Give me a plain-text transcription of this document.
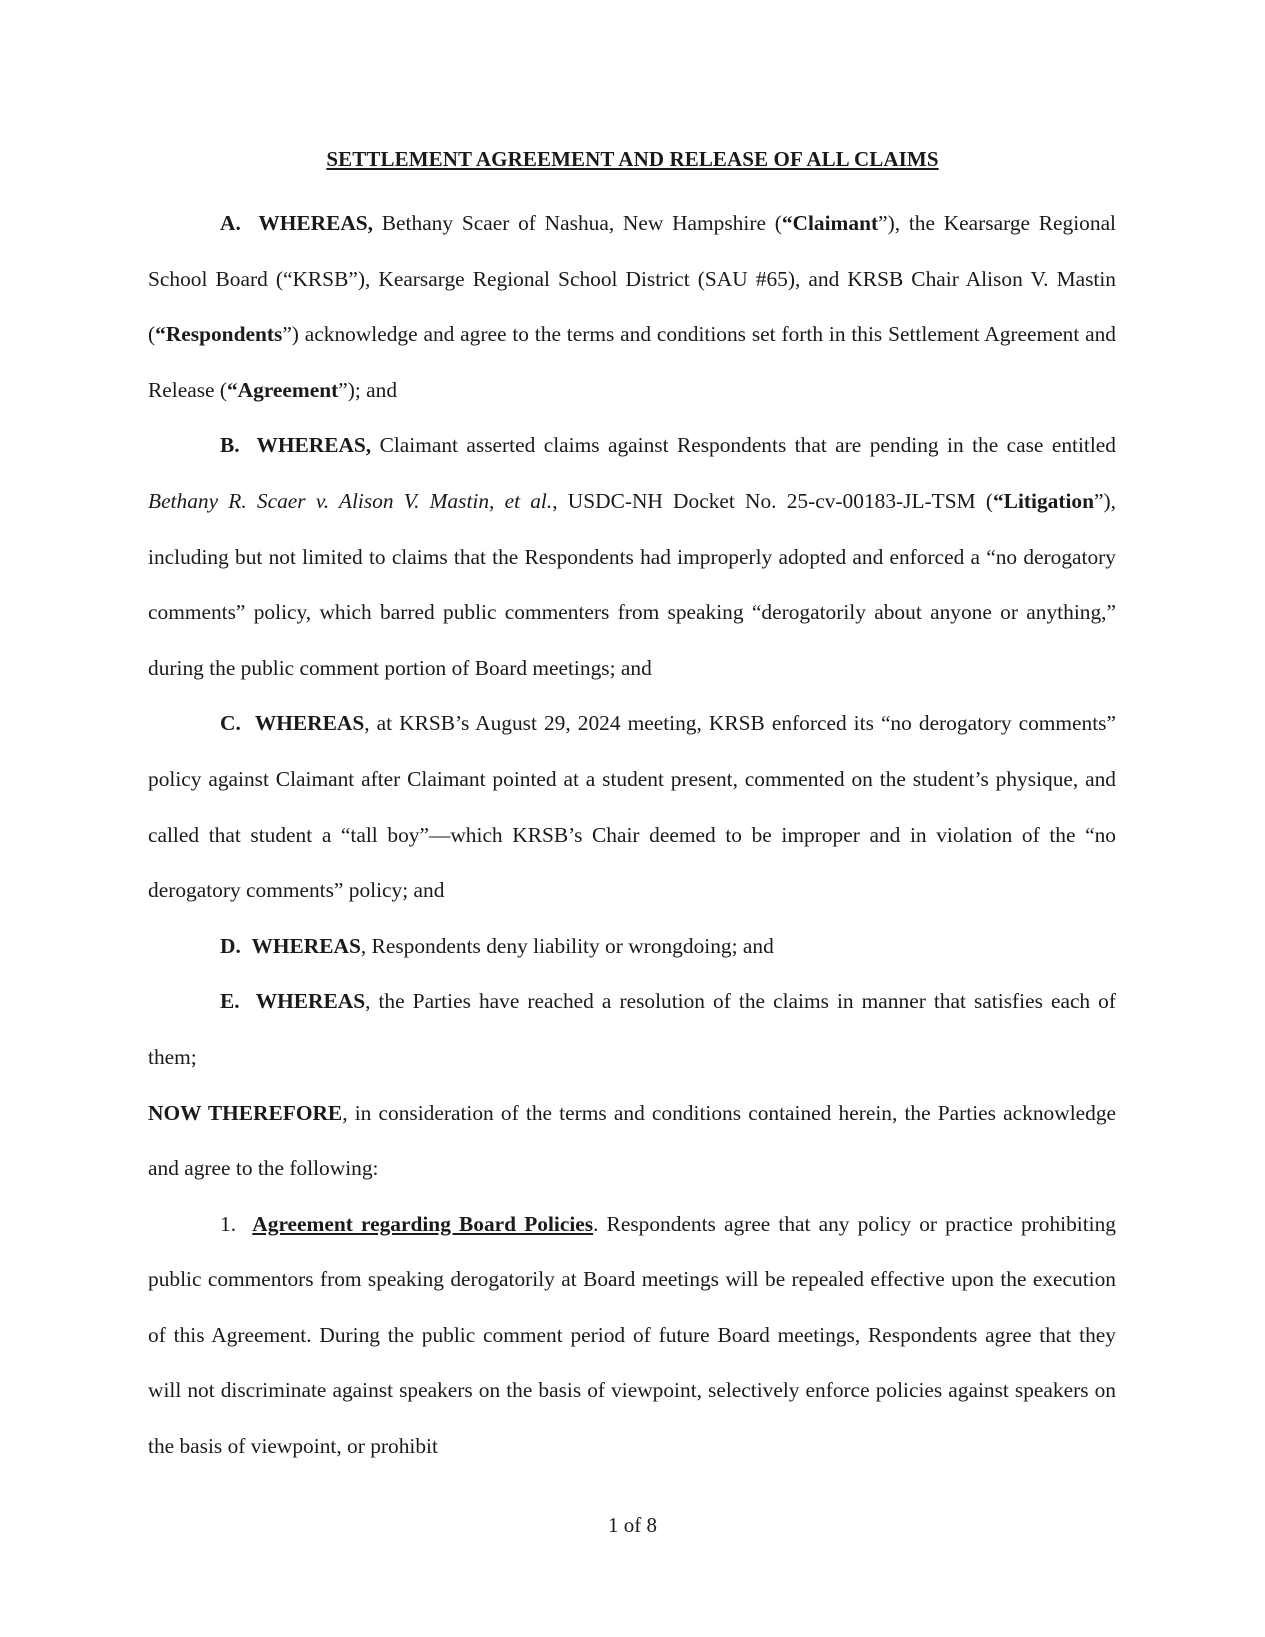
SETTLEMENT AGREEMENT AND RELEASE OF ALL CLAIMS

A. WHEREAS, Bethany Scaer of Nashua, New Hampshire (“Claimant”), the Kearsarge Regional School Board (“KRSB”), Kearsarge Regional School District (SAU #65), and KRSB Chair Alison V. Mastin (“Respondents”) acknowledge and agree to the terms and conditions set forth in this Settlement Agreement and Release (“Agreement”); and

B. WHEREAS, Claimant asserted claims against Respondents that are pending in the case entitled Bethany R. Scaer v. Alison V. Mastin, et al., USDC-NH Docket No. 25-cv-00183-JL-TSM (“Litigation”), including but not limited to claims that the Respondents had improperly adopted and enforced a “no derogatory comments” policy, which barred public commenters from speaking “derogatorily about anyone or anything,” during the public comment portion of Board meetings; and

C. WHEREAS, at KRSB’s August 29, 2024 meeting, KRSB enforced its “no derogatory comments” policy against Claimant after Claimant pointed at a student present, commented on the student’s physique, and called that student a “tall boy”—which KRSB’s Chair deemed to be improper and in violation of the “no derogatory comments” policy; and

D. WHEREAS, Respondents deny liability or wrongdoing; and

E. WHEREAS, the Parties have reached a resolution of the claims in manner that satisfies each of them;

NOW THEREFORE, in consideration of the terms and conditions contained herein, the Parties acknowledge and agree to the following:

1. Agreement regarding Board Policies. Respondents agree that any policy or practice prohibiting public commentors from speaking derogatorily at Board meetings will be repealed effective upon the execution of this Agreement. During the public comment period of future Board meetings, Respondents agree that they will not discriminate against speakers on the basis of viewpoint, selectively enforce policies against speakers on the basis of viewpoint, or prohibit

1 of 8
